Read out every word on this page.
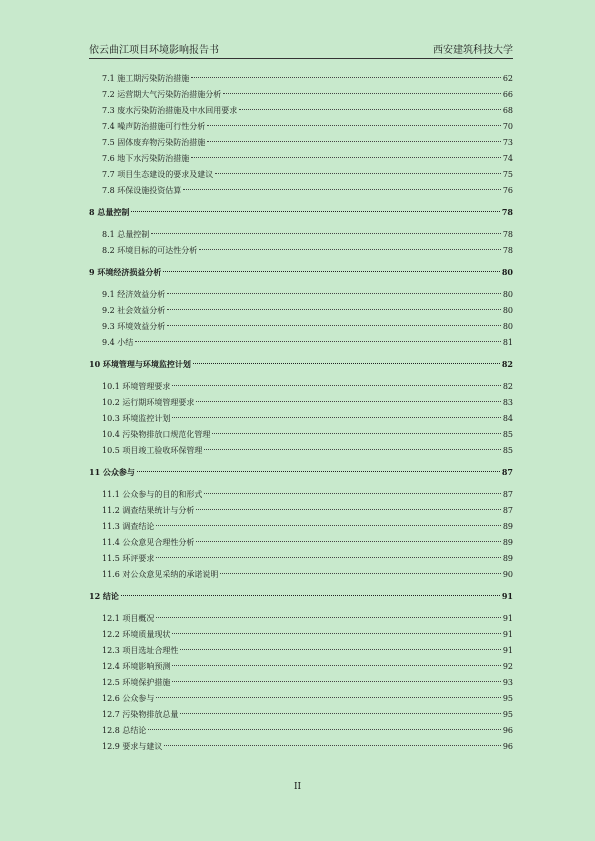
依云曲江项目环境影响报告书	西安建筑科技大学
7.1 施工期污染防治措施	62
7.2 运营期大气污染防治措施分析	66
7.3 废水污染防治措施及中水回用要求	68
7.4 噪声防治措施可行性分析	70
7.5 固体废弃物污染防治措施	73
7.6 地下水污染防治措施	74
7.7 项目生态建设的要求及建议	75
7.8 环保设施投资估算	76
8 总量控制	78
8.1 总量控制	78
8.2 环境目标的可达性分析	78
9 环境经济损益分析	80
9.1 经济效益分析	80
9.2 社会效益分析	80
9.3 环境效益分析	80
9.4 小结	81
10 环境管理与环境监控计划	82
10.1 环境管理要求	82
10.2 运行期环境管理要求	83
10.3 环境监控计划	84
10.4 污染物排放口规范化管理	85
10.5 项目竣工验收环保管理	85
11 公众参与	87
11.1 公众参与的目的和形式	87
11.2 调查结果统计与分析	87
11.3 调查结论	89
11.4 公众意见合理性分析	89
11.5 环评要求	89
11.6 对公众意见采纳的承诺说明	90
12 结论	91
12.1 项目概况	91
12.2 环境质量现状	91
12.3 项目选址合理性	91
12.4 环境影响预测	92
12.5 环境保护措施	93
12.6 公众参与	95
12.7 污染物排放总量	95
12.8 总结论	96
12.9 要求与建议	96
II
